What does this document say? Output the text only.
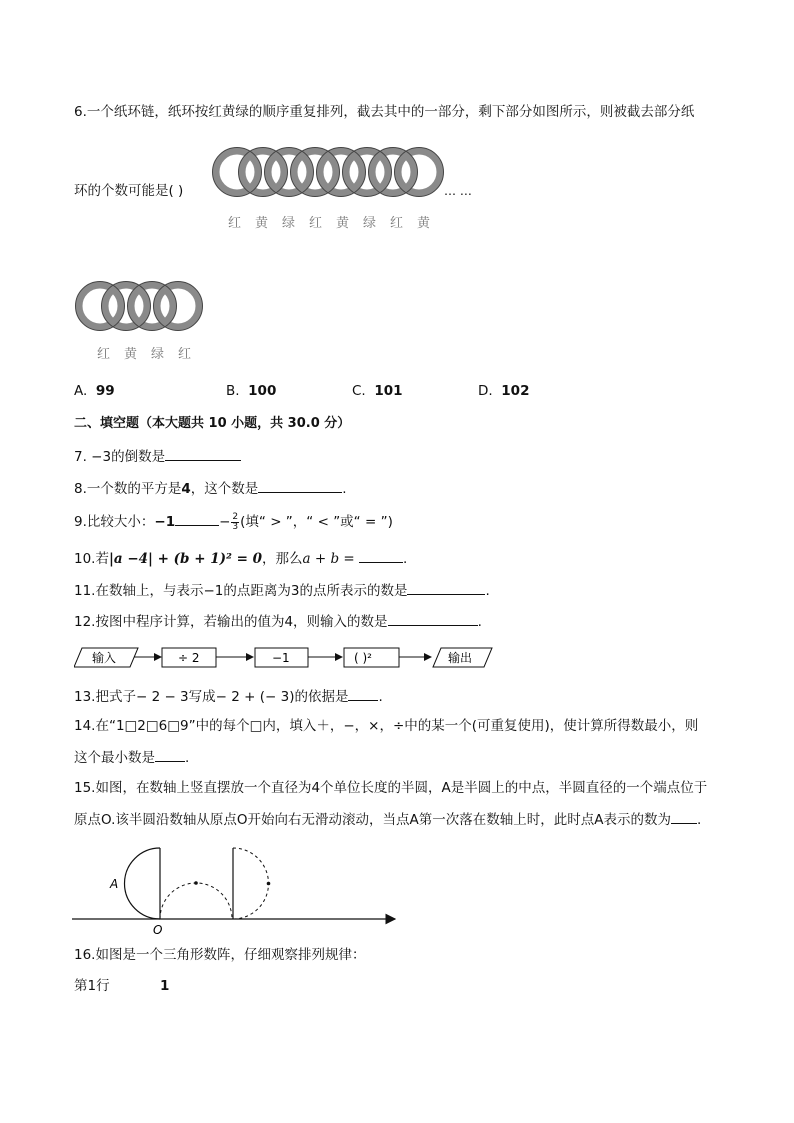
6.一个纸环链，纸环按红黄绿的顺序重复排列，截去其中的一部分，剩下部分如图所示，则被截去部分纸
环的个数可能是( )	… …
红黄绿红黄绿红黄
红黄绿红
A. 99	B. 100	C. 101	D. 102
二、填空题（本大题共 10 小题，共 30.0 分）
7. −3的倒数是
8.一个数的平方是4，这个数是	.
9.比较大小：−1	− $\frac{2}{3}$ (填“ > ”，“ < ”或“ = ”)
10.若|a −4| + (b + 1)² = 0，那么a + b =	.
11.在数轴上，与表示−1的点距离为3的点所表示的数是	.
12.按图中程序计算，若输出的值为4，则输入的数是	.
输入	÷ 2	−1	( )²	输出
13.把式子− 2 − 3写成− 2 + (− 3)的依据是 .
14.在“1□2□6□9”中的每个□内，填入＋，−，×，÷中的某一个(可重复使用)，使计算所得数最小，则
这个最小数是 .
15.如图，在数轴上竖直摆放一个直径为4个单位长度的半圆，A是半圆上的中点，半圆直径的一个端点位于
原点O.该半圆沿数轴从原点O开始向右无滑动滚动，当点A第一次落在数轴上时，此时点A表示的数为 .
A
O
16.如图是一个三角形数阵，仔细观察排列规律：
第1行	1
